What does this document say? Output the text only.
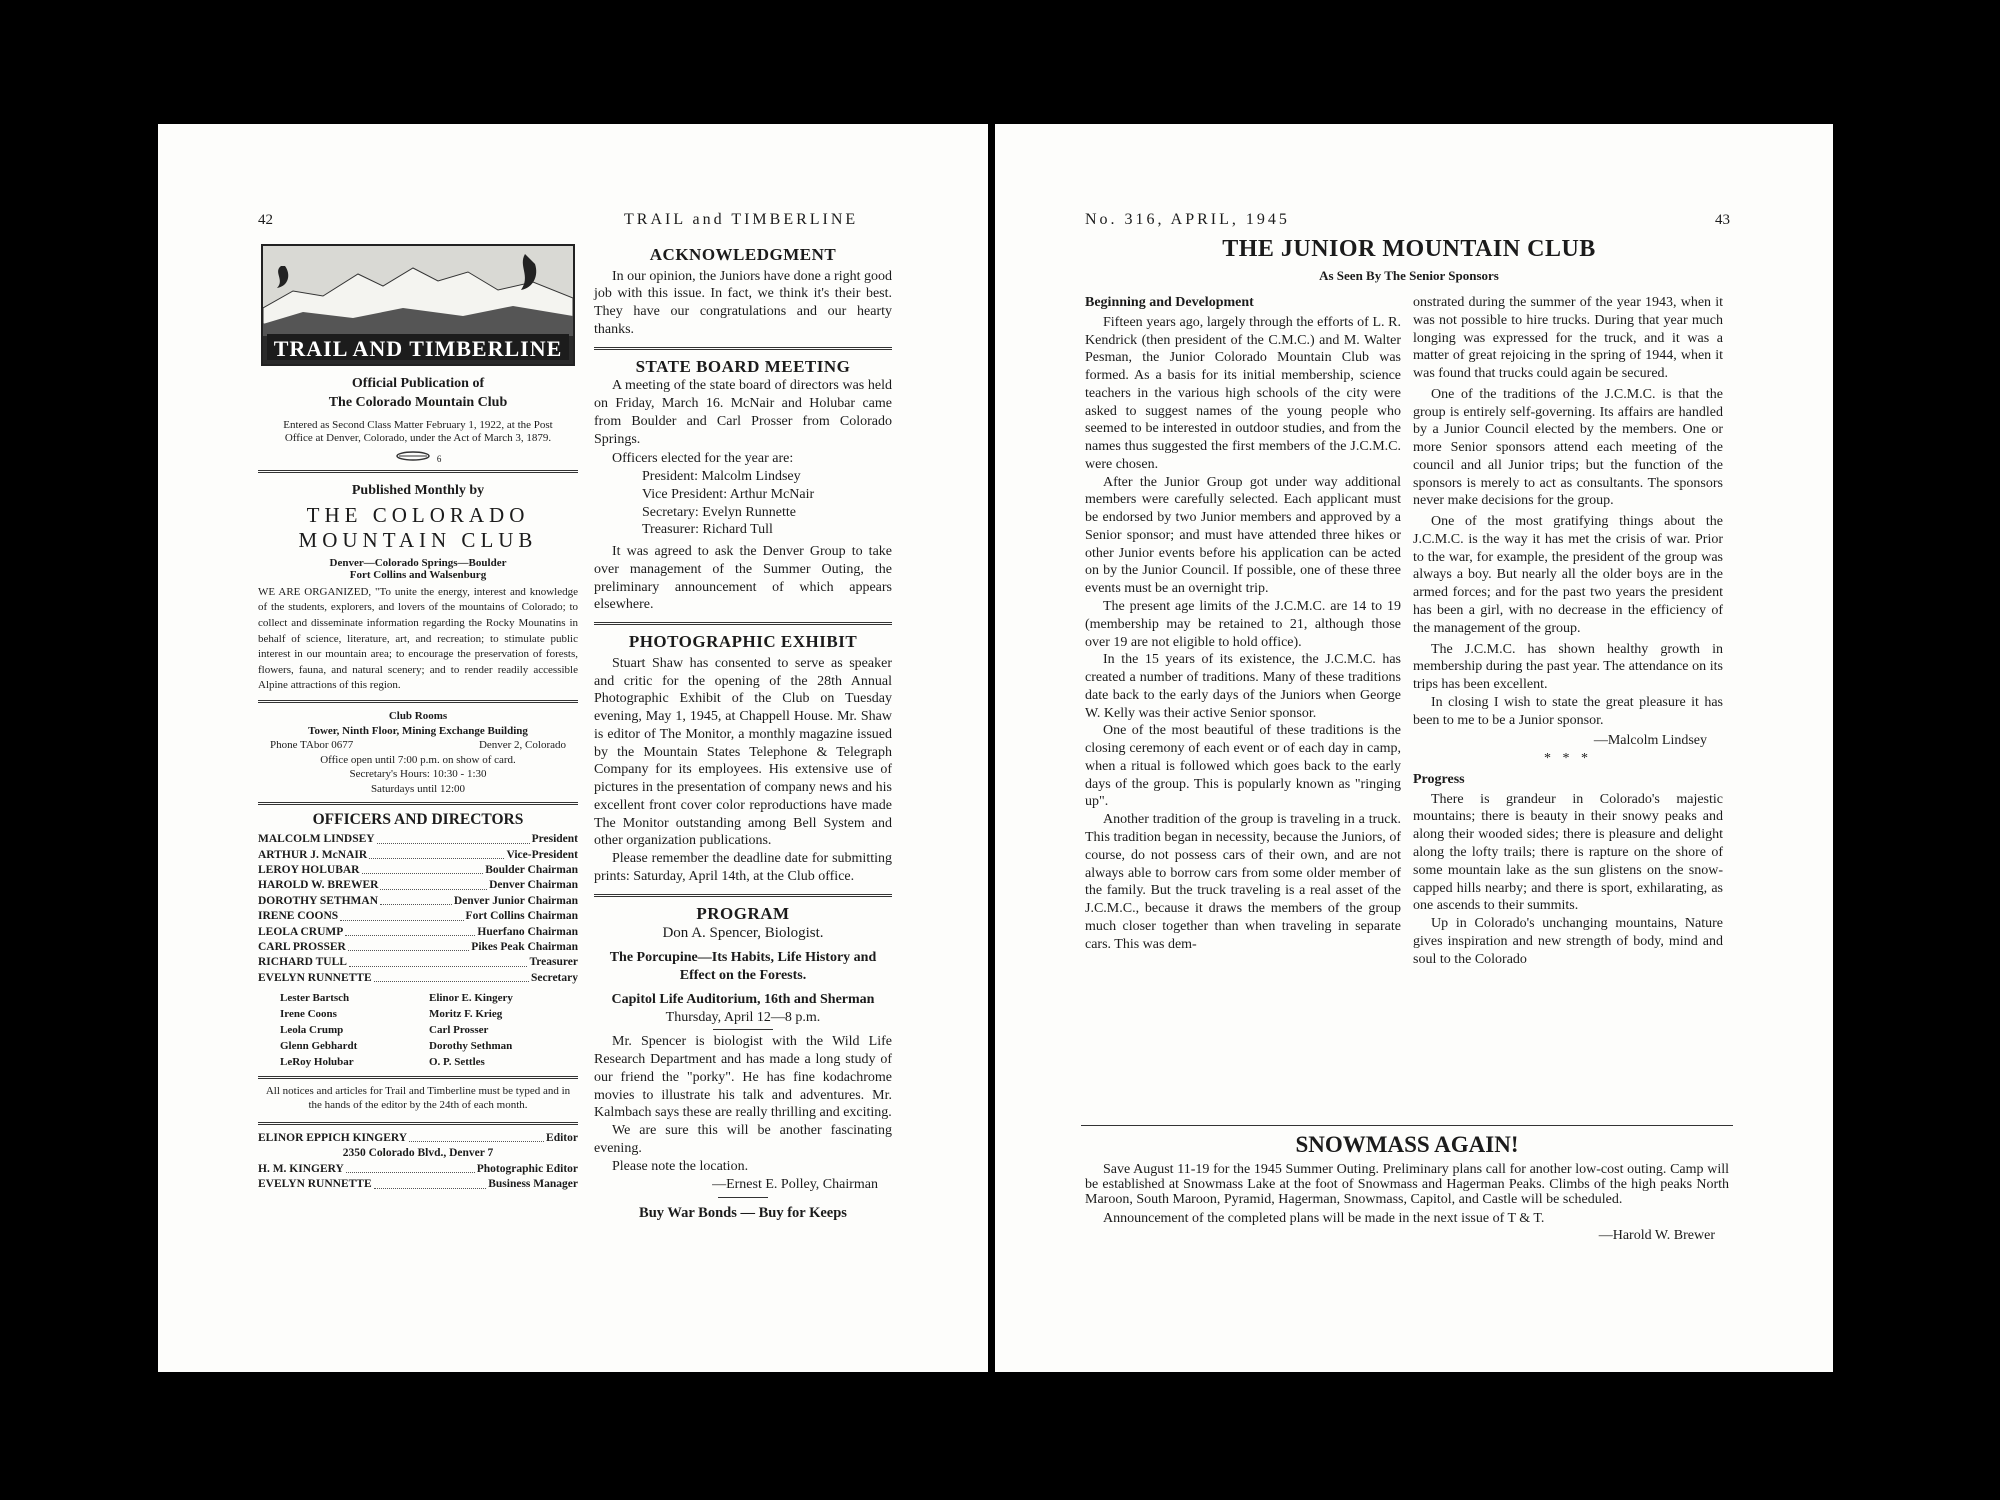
42	TRAIL and TIMBERLINE
TRAIL AND TIMBERLINE

Official Publication of

The Colorado Mountain Club

Entered as Second Class Matter February 1, 1922, at the Post Office at Denver, Colorado, under the Act of March 3, 1879.

6

Published Monthly by

THE COLORADO

MOUNTAIN CLUB

Denver—Colorado Springs—Boulder

Fort Collins and Walsenburg

WE ARE ORGANIZED, "To unite the energy, interest and knowledge of the students, explorers, and lovers of the mountains of Colorado; to collect and disseminate information regarding the Rocky Mounatins in behalf of science, literature, art, and recreation; to stimulate public interest in our mountain area; to encourage the preservation of forests, flowers, fauna, and natural scenery; and to render readily accessible Alpine attractions of this region.

Club Rooms

Tower, Ninth Floor, Mining Exchange Building

Phone TAbor 0677	Denver 2, Colorado

Office open until 7:00 p.m. on show of card.

Secretary's Hours: 10:30 - 1:30

Saturdays until 12:00

OFFICERS AND DIRECTORS

MALCOLM LINDSEY	President
ARTHUR J. McNAIR	Vice-President
LEROY HOLUBAR	Boulder Chairman
HAROLD W. BREWER	Denver Chairman
DOROTHY SETHMAN	Denver Junior Chairman
IRENE COONS	Fort Collins Chairman
LEOLA CRUMP	Huerfano Chairman
CARL PROSSER	Pikes Peak Chairman
RICHARD TULL	Treasurer
EVELYN RUNNETTE	Secretary
Lester Bartsch	Elinor E. Kingery
Irene Coons	Moritz F. Krieg
Leola Crump	Carl Prosser
Glenn Gebhardt	Dorothy Sethman
LeRoy Holubar	O. P. Settles

All notices and articles for Trail and Timberline must be typed and in the hands of the editor by the 24th of each month.

ELINOR EPPICH KINGERY	Editor
2350 Colorado Blvd., Denver 7
H. M. KINGERY	Photographic Editor
EVELYN RUNNETTE	Business Manager
ACKNOWLEDGMENT

In our opinion, the Juniors have done a right good job with this issue. In fact, we think it's their best. They have our congratulations and our hearty thanks.

STATE BOARD MEETING

A meeting of the state board of directors was held on Friday, March 16. McNair and Holubar came from Boulder and Carl Prosser from Colorado Springs.

Officers elected for the year are:

President: Malcolm Lindsey

Vice President: Arthur McNair

Secretary: Evelyn Runnette

Treasurer: Richard Tull

It was agreed to ask the Denver Group to take over management of the Summer Outing, the preliminary announcement of which appears elsewhere.

PHOTOGRAPHIC EXHIBIT

Stuart Shaw has consented to serve as speaker and critic for the opening of the 28th Annual Photographic Exhibit of the Club on Tuesday evening, May 1, 1945, at Chappell House. Mr. Shaw is editor of The Monitor, a monthly magazine issued by the Mountain States Telephone & Telegraph Company for its employees. His extensive use of pictures in the presentation of company news and his excellent front cover color reproductions have made The Monitor outstanding among Bell System and other organization publications.

Please remember the deadline date for submitting prints: Saturday, April 14th, at the Club office.

PROGRAM

Don A. Spencer, Biologist.

The Porcupine—Its Habits, Life History and Effect on the Forests.

Capitol Life Auditorium, 16th and Sherman

Thursday, April 12—8 p.m.

Mr. Spencer is biologist with the Wild Life Research Department and has made a long study of our friend the "porky". He has fine kodachrome movies to illustrate his talk and adventures. Mr. Kalmbach says these are really thrilling and exciting.

We are sure this will be another fascinating evening.

Please note the location.

—Ernest E. Polley, Chairman

Buy War Bonds — Buy for Keeps

No. 316, APRIL, 1945	43
THE JUNIOR MOUNTAIN CLUB
As Seen By The Senior Sponsors
Beginning and Development

Fifteen years ago, largely through the efforts of L. R. Kendrick (then president of the C.M.C.) and M. Walter Pesman, the Junior Colorado Mountain Club was formed. As a basis for its initial membership, science teachers in the various high schools of the city were asked to suggest names of the young people who seemed to be interested in outdoor studies, and from the names thus suggested the first members of the J.C.M.C. were chosen.

After the Junior Group got under way additional members were carefully selected. Each applicant must be endorsed by two Junior members and approved by a Senior sponsor; and must have attended three hikes or other Junior events before his application can be acted on by the Junior Council. If possible, one of these three events must be an overnight trip.

The present age limits of the J.C.M.C. are 14 to 19 (membership may be retained to 21, although those over 19 are not eligible to hold office).

In the 15 years of its existence, the J.C.M.C. has created a number of traditions. Many of these traditions date back to the early days of the Juniors when George W. Kelly was their active Senior sponsor.

One of the most beautiful of these traditions is the closing ceremony of each event or of each day in camp, when a ritual is followed which goes back to the early days of the group. This is popularly known as "ringing up".

Another tradition of the group is traveling in a truck. This tradition began in necessity, because the Juniors, of course, do not possess cars of their own, and are not always able to borrow cars from some older member of the family. But the truck traveling is a real asset of the J.C.M.C., because it draws the members of the group much closer together than when traveling in separate cars. This was dem-

onstrated during the summer of the year 1943, when it was not possible to hire trucks. During that year much longing was expressed for the truck, and it was a matter of great rejoicing in the spring of 1944, when it was found that trucks could again be secured.

One of the traditions of the J.C.M.C. is that the group is entirely self-governing. Its affairs are handled by a Junior Council elected by the members. One or more Senior sponsors attend each meeting of the council and all Junior trips; but the function of the sponsors is merely to act as consultants. The sponsors never make decisions for the group.

One of the most gratifying things about the J.C.M.C. is the way it has met the crisis of war. Prior to the war, for example, the president of the group was always a boy. But nearly all the older boys are in the armed forces; and for the past two years the president has been a girl, with no decrease in the efficiency of the management of the group.

The J.C.M.C. has shown healthy growth in membership during the past year. The attendance on its trips has been excellent.

In closing I wish to state the great pleasure it has been to me to be a Junior sponsor.

—Malcolm Lindsey

* * *

Progress

There is grandeur in Colorado's majestic mountains; there is beauty in their snowy peaks and along their wooded sides; there is pleasure and delight along the lofty trails; there is rapture on the shore of some mountain lake as the sun glistens on the snow-capped hills nearby; and there is sport, exhilarating, as one ascends to their summits.

Up in Colorado's unchanging mountains, Nature gives inspiration and new strength of body, mind and soul to the Colorado

SNOWMASS AGAIN!

Save August 11-19 for the 1945 Summer Outing. Preliminary plans call for another low-cost outing. Camp will be established at Snowmass Lake at the foot of Snowmass and Hagerman Peaks. Climbs of the high peaks North Maroon, South Maroon, Pyramid, Hagerman, Snowmass, Capitol, and Castle will be scheduled.

Announcement of the completed plans will be made in the next issue of T & T.

—Harold W. Brewer
